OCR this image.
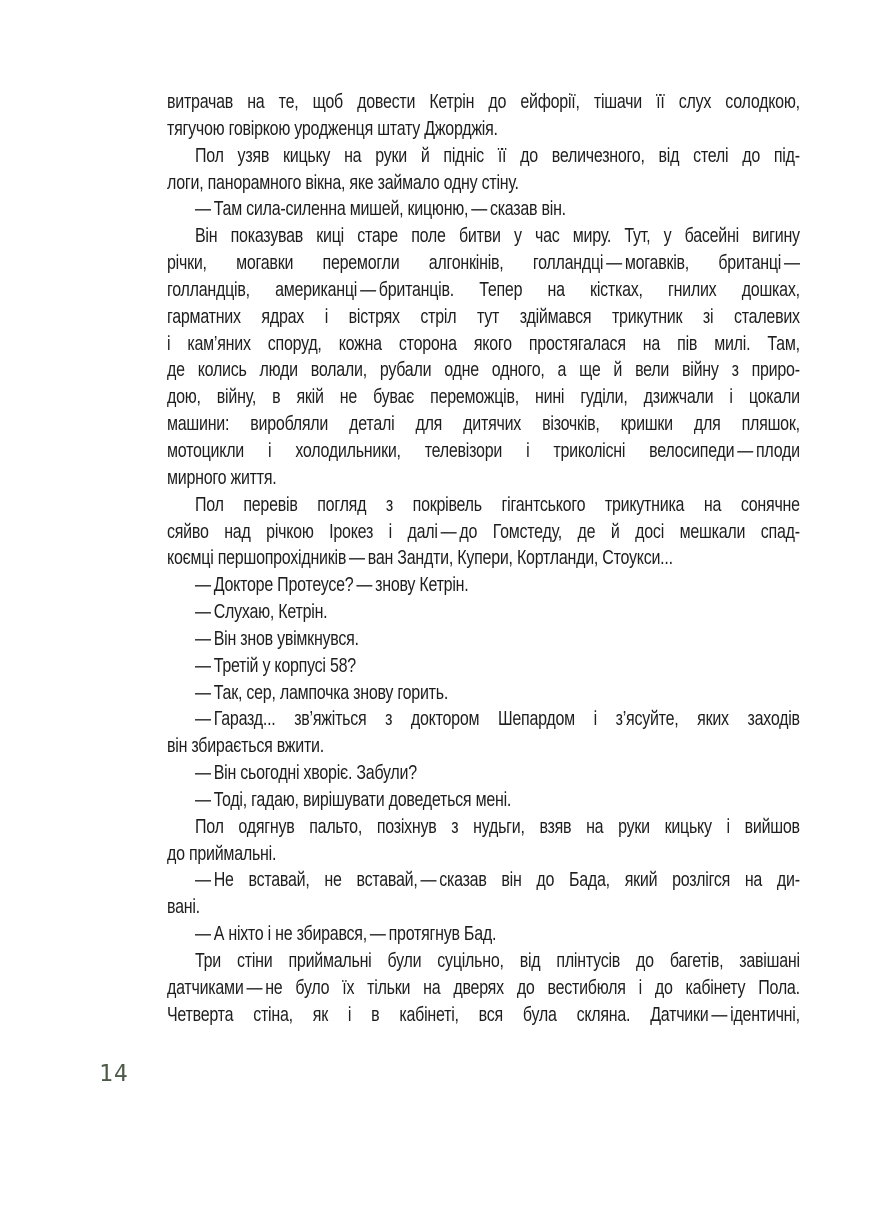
витрачав на те, щоб довести Кетрін до ейфорії, тішачи її слух солодкою,
тягучою говіркою уродженця штату Джорджія.
Пол узяв кицьку на руки й підніс її до величезного, від стелі до під-
логи, панорамного вікна, яке займало одну стіну.
— Там сила-силенна мишей, кицюню, — сказав він.
Він показував киці старе поле битви у час миру. Тут, у басейні вигину
річки, могавки перемогли алгонкінів, голландці — могавків, британці —
голландців, американці — британців. Тепер на кістках, гнилих дошках,
гарматних ядрах і вістрях стріл тут здіймався трикутник зі сталевих
і кам’яних споруд, кожна сторона якого простягалася на пів милі. Там,
де колись люди волали, рубали одне одного, а ще й вели війну з приро-
дою, війну, в якій не буває переможців, нині гуділи, дзижчали і цокали
машини: виробляли деталі для дитячих візочків, кришки для пляшок,
мотоцикли і холодильники, телевізори і триколісні велосипеди — плоди
мирного життя.
Пол перевів погляд з покрівель гігантського трикутника на сонячне
сяйво над річкою Ірокез і далі — до Гомстеду, де й досі мешкали спад-
коємці першопрохідників — ван Зандти, Купери, Кортланди, Стоукси...
— Докторе Протеусе? — знову Кетрін.
— Слухаю, Кетрін.
— Він знов увімкнувся.
— Третій у корпусі 58?
— Так, сер, лампочка знову горить.
— Гаразд... зв’яжіться з доктором Шепардом і з’ясуйте, яких заходів
він збирається вжити.
— Він сьогодні хворіє. Забули?
— Тоді, гадаю, вирішувати доведеться мені.
Пол одягнув пальто, позіхнув з нудьги, взяв на руки кицьку і вийшов
до приймальні.
— Не вставай, не вставай, — сказав він до Бада, який розлігся на ди-
вані.
— А ніхто і не збирався, — протягнув Бад.
Три стіни приймальні були суцільно, від плінтусів до багетів, завішані
датчиками — не було їх тільки на дверях до вестибюля і до кабінету Пола.
Четверта стіна, як і в кабінеті, вся була скляна. Датчики — ідентичні,
14
